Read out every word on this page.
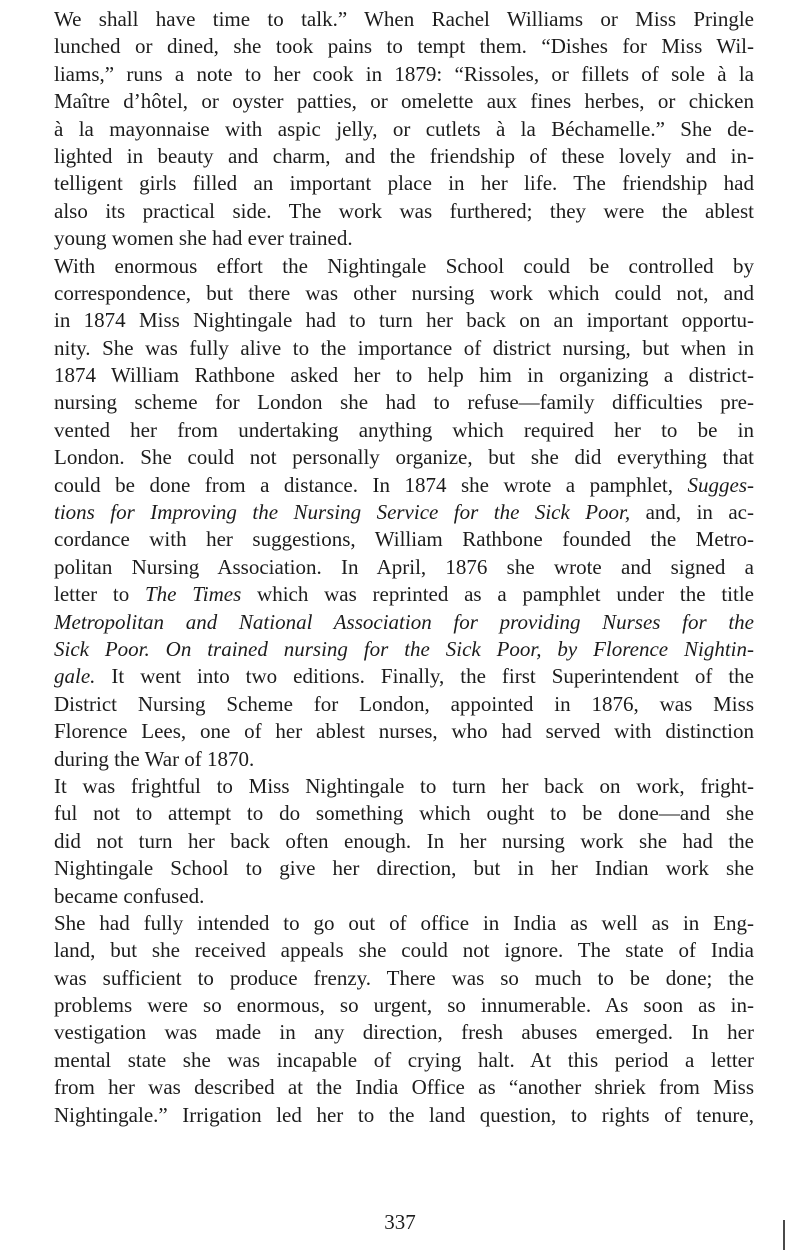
We shall have time to talk.” When Rachel Williams or Miss Pringle
lunched or dined, she took pains to tempt them. “Dishes for Miss Wil-
liams,” runs a note to her cook in 1879: “Rissoles, or fillets of sole à la
Maître d’hôtel, or oyster patties, or omelette aux fines herbes, or chicken
à la mayonnaise with aspic jelly, or cutlets à la Béchamelle.” She de-
lighted in beauty and charm, and the friendship of these lovely and in-
telligent girls filled an important place in her life. The friendship had
also its practical side. The work was furthered; they were the ablest
young women she had ever trained.
With enormous effort the Nightingale School could be controlled by
correspondence, but there was other nursing work which could not, and
in 1874 Miss Nightingale had to turn her back on an important opportu-
nity. She was fully alive to the importance of district nursing, but when in
1874 William Rathbone asked her to help him in organizing a district-
nursing scheme for London she had to refuse—family difficulties pre-
vented her from undertaking anything which required her to be in
London. She could not personally organize, but she did everything that
could be done from a distance. In 1874 she wrote a pamphlet, Sugges-
tions for Improving the Nursing Service for the Sick Poor, and, in ac-
cordance with her suggestions, William Rathbone founded the Metro-
politan Nursing Association. In April, 1876 she wrote and signed a
letter to The Times which was reprinted as a pamphlet under the title
Metropolitan and National Association for providing Nurses for the
Sick Poor. On trained nursing for the Sick Poor, by Florence Nightin-
gale. It went into two editions. Finally, the first Superintendent of the
District Nursing Scheme for London, appointed in 1876, was Miss
Florence Lees, one of her ablest nurses, who had served with distinction
during the War of 1870.
It was frightful to Miss Nightingale to turn her back on work, fright-
ful not to attempt to do something which ought to be done—and she
did not turn her back often enough. In her nursing work she had the
Nightingale School to give her direction, but in her Indian work she
became confused.
She had fully intended to go out of office in India as well as in Eng-
land, but she received appeals she could not ignore. The state of India
was sufficient to produce frenzy. There was so much to be done; the
problems were so enormous, so urgent, so innumerable. As soon as in-
vestigation was made in any direction, fresh abuses emerged. In her
mental state she was incapable of crying halt. At this period a letter
from her was described at the India Office as “another shriek from Miss
Nightingale.” Irrigation led her to the land question, to rights of tenure,
337
